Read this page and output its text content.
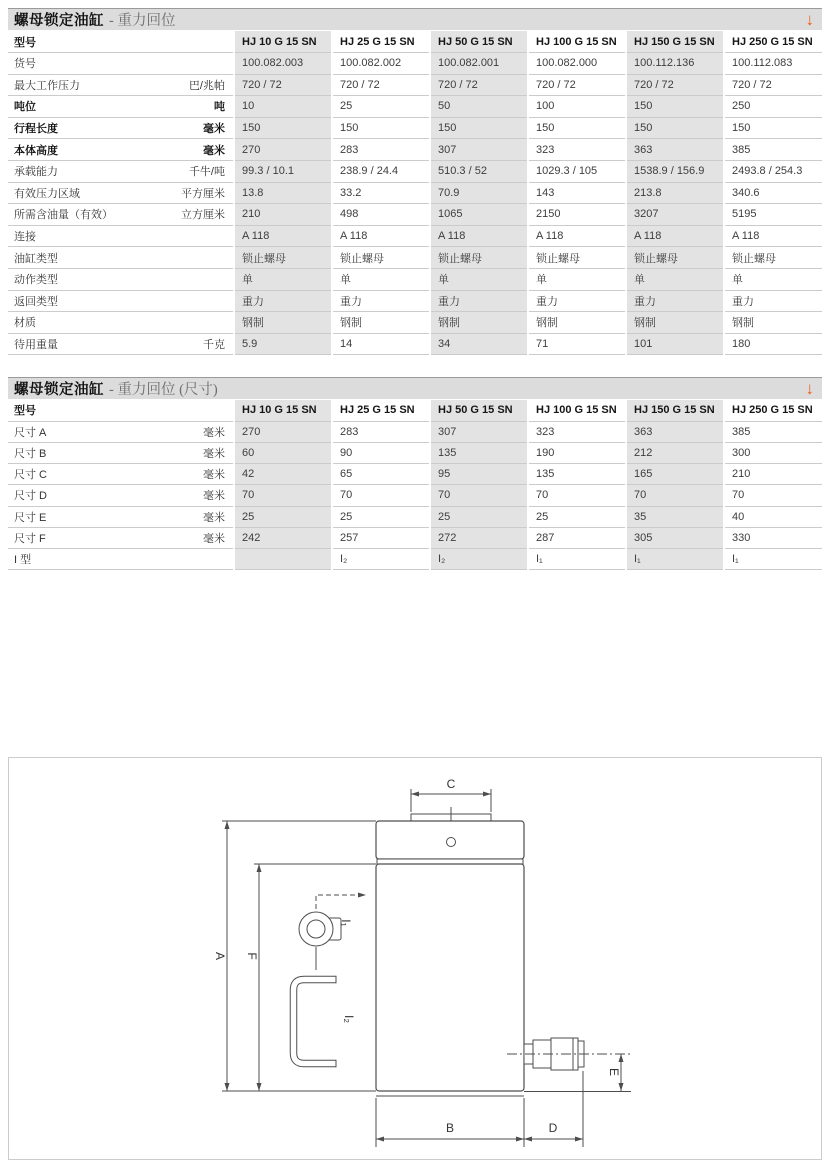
螺母锁定油缸 - 重力回位	↓
型号	HJ 10 G 15 SN	HJ 25 G 15 SN	HJ 50 G 15 SN	HJ 100 G 15 SN	HJ 150 G 15 SN	HJ 250 G 15 SN

货号	100.082.003	100.082.002	100.082.001	100.082.000	100.112.136	100.112.083

最大工作压力 巴/兆帕	720 / 72	720 / 72	720 / 72	720 / 72	720 / 72	720 / 72

吨位 吨	10	25	50	100	150	250

行程长度 毫米	150	150	150	150	150	150

本体高度 毫米	270	283	307	323	363	385

承载能力 千牛/吨	99.3 / 10.1	238.9 / 24.4	510.3 / 52	1029.3 / 105	1538.9 / 156.9	2493.8 / 254.3

有效压力区域 平方厘米	13.8	33.2	70.9	143	213.8	340.6

所需含油量（有效） 立方厘米	210	498	1065	2150	3207	5195

连接	A 118	A 118	A 118	A 118	A 118	A 118

油缸类型	锁止螺母	锁止螺母	锁止螺母	锁止螺母	锁止螺母	锁止螺母

动作类型	单	单	单	单	单	单

返回类型	重力	重力	重力	重力	重力	重力

材质	钢制	钢制	钢制	钢制	钢制	钢制

待用重量 千克	5.9	14	34	71	101	180
螺母锁定油缸 - 重力回位 (尺寸)	↓
型号	HJ 10 G 15 SN	HJ 25 G 15 SN	HJ 50 G 15 SN	HJ 100 G 15 SN	HJ 150 G 15 SN	HJ 250 G 15 SN

尺寸 A 毫米	270	283	307	323	363	385

尺寸 B 毫米	60	90	135	190	212	300

尺寸 C 毫米	42	65	95	135	165	210

尺寸 D 毫米	70	70	70	70	70	70

尺寸 E 毫米	25	25	25	25	35	40

尺寸 F 毫米	242	257	272	287	305	330

I 型		I₂	I₂	I₁	I₁	I₁
C
A F
I₁
I₂
E
B	D
